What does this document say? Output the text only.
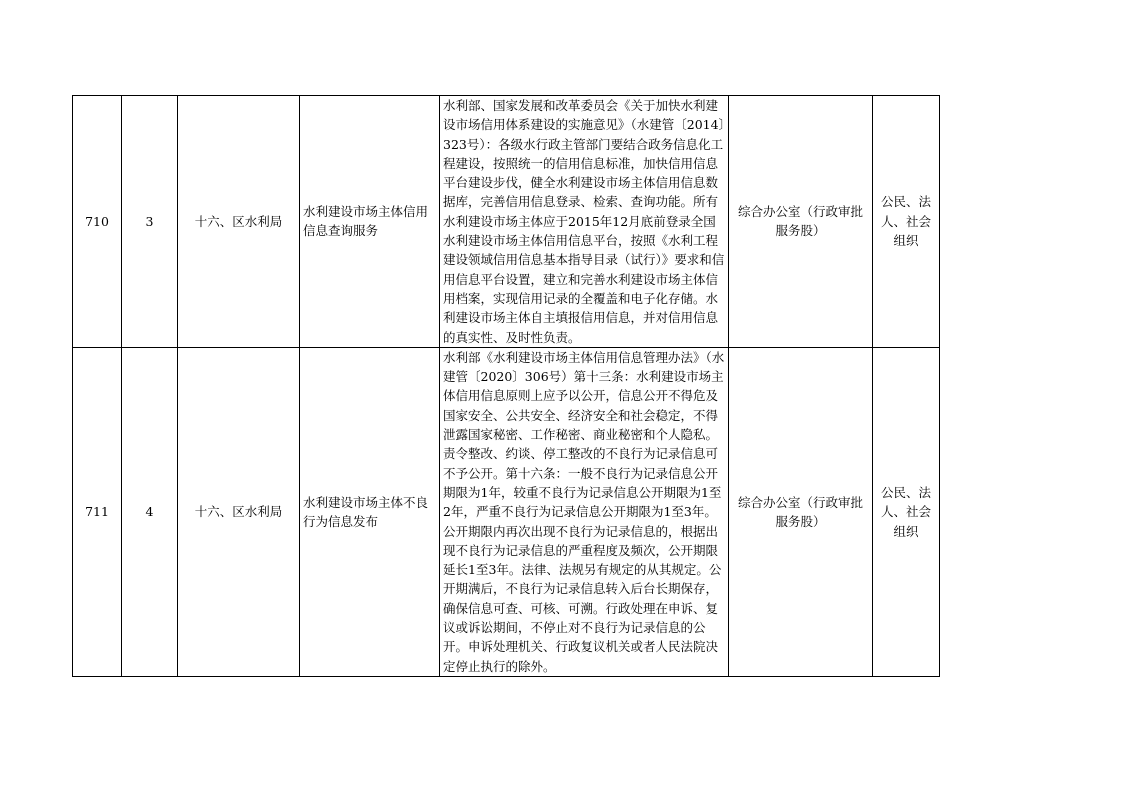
710	3	十六、区水利局	水利建设市场主体信用信息查询服务	水利部、国家发展和改革委员会《关于加快水利建设市场信用体系建设的实施意见》（水建管〔2014〕323号）：各级水行政主管部门要结合政务信息化工程建设，按照统一的信用信息标准，加快信用信息平台建设步伐，健全水利建设市场主体信用信息数据库，完善信用信息登录、检索、查询功能。所有水利建设市场主体应于2015年12月底前登录全国水利建设市场主体信用信息平台，按照《水利工程建设领域信用信息基本指导目录（试行）》要求和信用信息平台设置，建立和完善水利建设市场主体信用档案，实现信用记录的全覆盖和电子化存储。水利建设市场主体自主填报信用信息，并对信用信息的真实性、及时性负责。	综合办公室（行政审批服务股）	公民、法人、社会组织
711	4	十六、区水利局	水利建设市场主体不良行为信息发布	水利部《水利建设市场主体信用信息管理办法》（水建管〔2020〕306号）第十三条：水利建设市场主体信用信息原则上应予以公开，信息公开不得危及国家安全、公共安全、经济安全和社会稳定，不得泄露国家秘密、工作秘密、商业秘密和个人隐私。责令整改、约谈、停工整改的不良行为记录信息可不予公开。第十六条：一般不良行为记录信息公开期限为1年，较重不良行为记录信息公开期限为1至2年，严重不良行为记录信息公开期限为1至3年。公开期限内再次出现不良行为记录信息的，根据出现不良行为记录信息的严重程度及频次，公开期限延长1至3年。法律、法规另有规定的从其规定。公开期满后，不良行为记录信息转入后台长期保存，确保信息可查、可核、可溯。行政处理在申诉、复议或诉讼期间，不停止对不良行为记录信息的公开。申诉处理机关、行政复议机关或者人民法院决定停止执行的除外。	综合办公室（行政审批服务股）	公民、法人、社会组织
